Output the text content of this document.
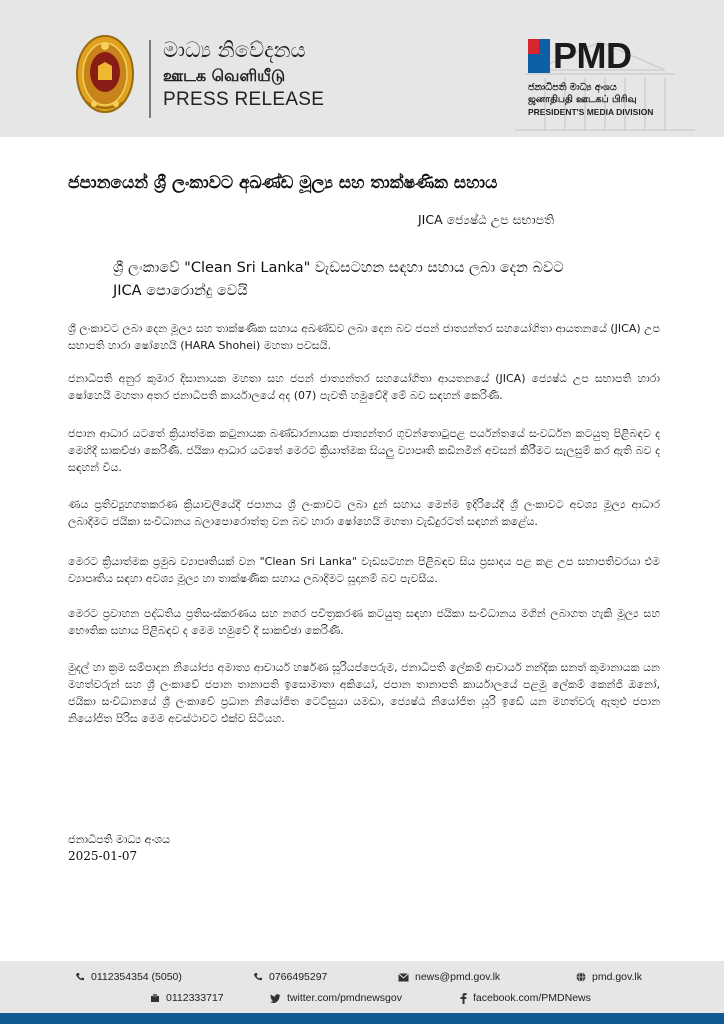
මාධ්‍ය නිවේදනය
ஊடக வெளியீடு
PRESS RELEASE
PMD
ජනාධිපති මාධ්‍ය අංශය
ஜனாதிபதி ஊடகப் பிரிவு
PRESIDENT'S MEDIA DIVISION
ජපානයෙන් ශ්‍රී ලංකාවට අඛණ්ඩ මූල්‍ය සහ තාක්ෂණික සහාය
JICA ජ්‍යෙෂ්ඨ උප සභාපති
ශ්‍රී ලංකාවේ "Clean Sri Lanka" වැඩසටහන සඳහා සහාය ලබා දෙන බවට
JICA පොරොන්දු වෙයි

ශ්‍රී ලංකාවට ලබා දෙන මූල්‍ය සහ තාක්ෂණික සහාය අඛණ්ඩව ලබා දෙන බව ජපන් ජාත්‍යන්තර සහයෝගිතා ආයතනයේ (JICA) උප සභාපති හාරා ෂෝහෙයි (HARA Shohei) මහතා පවසයි.

ජනාධිපති අනුර කුමාර දිසානායක මහතා සහ ජපන් ජාත්‍යන්තර සහයෝගිතා ආයතනයේ (JICA) ජ්‍යෙෂ්ඨ උප සභාපති හාරා ෂෝහෙයි මහතා අතර ජනාධිපති කාර්යාලයේ අද (07) පැවති හමුවේදී මේ බව සඳහන් කෙරිණි.

ජපාන ආධාර යටතේ ක්‍රියාත්මක කටුනායක බණ්ඩාරනායක ජාත්‍යන්තර ගුවන්තොටුපළ පර්යන්තයේ සංවර්ධන කටයුතු පිළිබඳව ද මෙහිදී සාකච්ඡා කෙරිණි. ජයිකා ආධාර යටතේ මෙරට ක්‍රියාත්මක සියලු ව්‍යාපෘති කඩිනමින් අවසන් කිරීමට සැලසුම් කර ඇති බව ද සඳහන් විය.

ණය ප්‍රතිව්‍යුහගතකරණ ක්‍රියාවලියේදී ජපානය ශ්‍රී ලංකාවට ලබා දුන් සහාය මෙන්ම ඉදිරියේදී ශ්‍රී ලංකාවට අවශ්‍ය මූල්‍ය ආධාර ලබාදීමට ජයිකා සංවිධානය බලාපොරොත්තු වන බව හාරා ෂෝහෙයි මහතා වැඩිදුරටත් සඳහන් කළේය.

මෙරට ක්‍රියාත්මක ප්‍රමුඛ ව්‍යාපෘතියක් වන "Clean Sri Lanka" වැඩසටහන පිළිබඳව සිය ප්‍රසාදය පළ කළ උප සභාපතිවරයා එම ව්‍යාපෘතිය සඳහා අවශ්‍ය මූල්‍ය හා තාක්ෂණික සහාය ලබාදීමට සූදානම් බව පැවසීය.

මෙරට ප්‍රවාහන පද්ධතිය ප්‍රතිසංස්කරණය සහ නගර පවිත්‍රකරණ කටයුතු සඳහා ජයිකා සංවිධානය මගින් ලබාගත හැකි මූල්‍ය සහ භෞතික සහාය පිළිබඳව ද මෙම හමුවේ දී සාකච්ඡා කෙරිණි.

මුදල් හා ක්‍රම සම්පාදන නියෝජ්‍ය අමාත්‍ය ආචාර්ය හර්ෂණ සූරියප්පෙරුම, ජනාධිපති ලේකම් ආචාර්ය නන්දික සනත් කුමානායක යන මහත්වරුන් සහ ශ්‍රී ලංකාවේ ජපාන තානාපති ඉසොමාතා අකියෝ, ජපාන තානාපති කාර්යාලයේ පළමු ලේකම් කෙන්ජි ඔනෝ, ජයිකා සංවිධානයේ ශ්‍රී ලංකාවේ ප්‍රධාන නියෝජිත ටෙට්සුයා යමඩා, ජ්‍යෙෂ්ඨ නියෝජිත යූරි ඉඩේ යන මහත්වරු ඇතුළු ජපාන නියෝජිත පිරිස මෙම අවස්ථාවට එක්ව සිටියහ.

ජනාධිපති මාධ්‍ය අංශය
2025-01-07
0112354354 (5050)	0766495297	news@pmd.gov.lk	pmd.gov.lk
0112333717	twitter.com/pmdnewsgov	facebook.com/PMDNews
